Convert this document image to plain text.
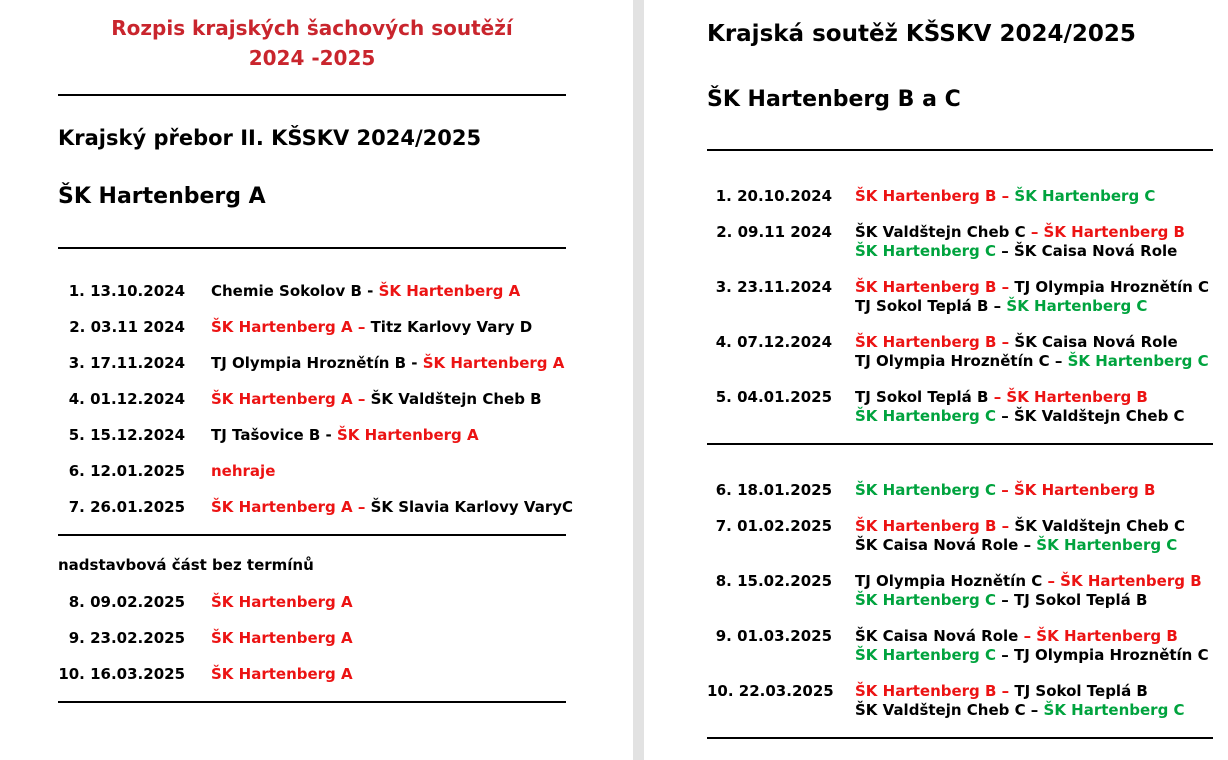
Rozpis krajských šachových soutěží
2024 -2025
Krajský přebor II. KŠSKV 2024/2025
ŠK Hartenberg A
1. 13.10.2024 Chemie Sokolov B - ŠK Hartenberg A
2. 03.11 2024 ŠK Hartenberg A – Titz Karlovy Vary D
3. 17.11.2024 TJ Olympia Hroznětín B - ŠK Hartenberg A
4. 01.12.2024 ŠK Hartenberg A – ŠK Valdštejn Cheb B
5. 15.12.2024 TJ Tašovice B - ŠK Hartenberg A
6. 12.01.2025 nehraje
7. 26.01.2025 ŠK Hartenberg A – ŠK Slavia Karlovy VaryC
nadstavbová část bez termínů
8. 09.02.2025 ŠK Hartenberg A
9. 23.02.2025 ŠK Hartenberg A
10. 16.03.2025 ŠK Hartenberg A
Krajská soutěž KŠSKV 2024/2025
ŠK Hartenberg B a C
1. 20.10.2024 ŠK Hartenberg B – ŠK Hartenberg C
2. 09.11 2024 ŠK Valdštejn Cheb C – ŠK Hartenberg B
ŠK Hartenberg C – ŠK Caisa Nová Role
3. 23.11.2024 ŠK Hartenberg B – TJ Olympia Hroznětín C
TJ Sokol Teplá B – ŠK Hartenberg C
4. 07.12.2024 ŠK Hartenberg B – ŠK Caisa Nová Role
TJ Olympia Hroznětín C – ŠK Hartenberg C
5. 04.01.2025 TJ Sokol Teplá B – ŠK Hartenberg B
ŠK Hartenberg C – ŠK Valdštejn Cheb C
6. 18.01.2025 ŠK Hartenberg C – ŠK Hartenberg B
7. 01.02.2025 ŠK Hartenberg B – ŠK Valdštejn Cheb C
ŠK Caisa Nová Role – ŠK Hartenberg C
8. 15.02.2025 TJ Olympia Hoznětín C – ŠK Hartenberg B
ŠK Hartenberg C – TJ Sokol Teplá B
9. 01.03.2025 ŠK Caisa Nová Role – ŠK Hartenberg B
ŠK Hartenberg C – TJ Olympia Hroznětín C
10. 22.03.2025 ŠK Hartenberg B – TJ Sokol Teplá B
ŠK Valdštejn Cheb C – ŠK Hartenberg C
